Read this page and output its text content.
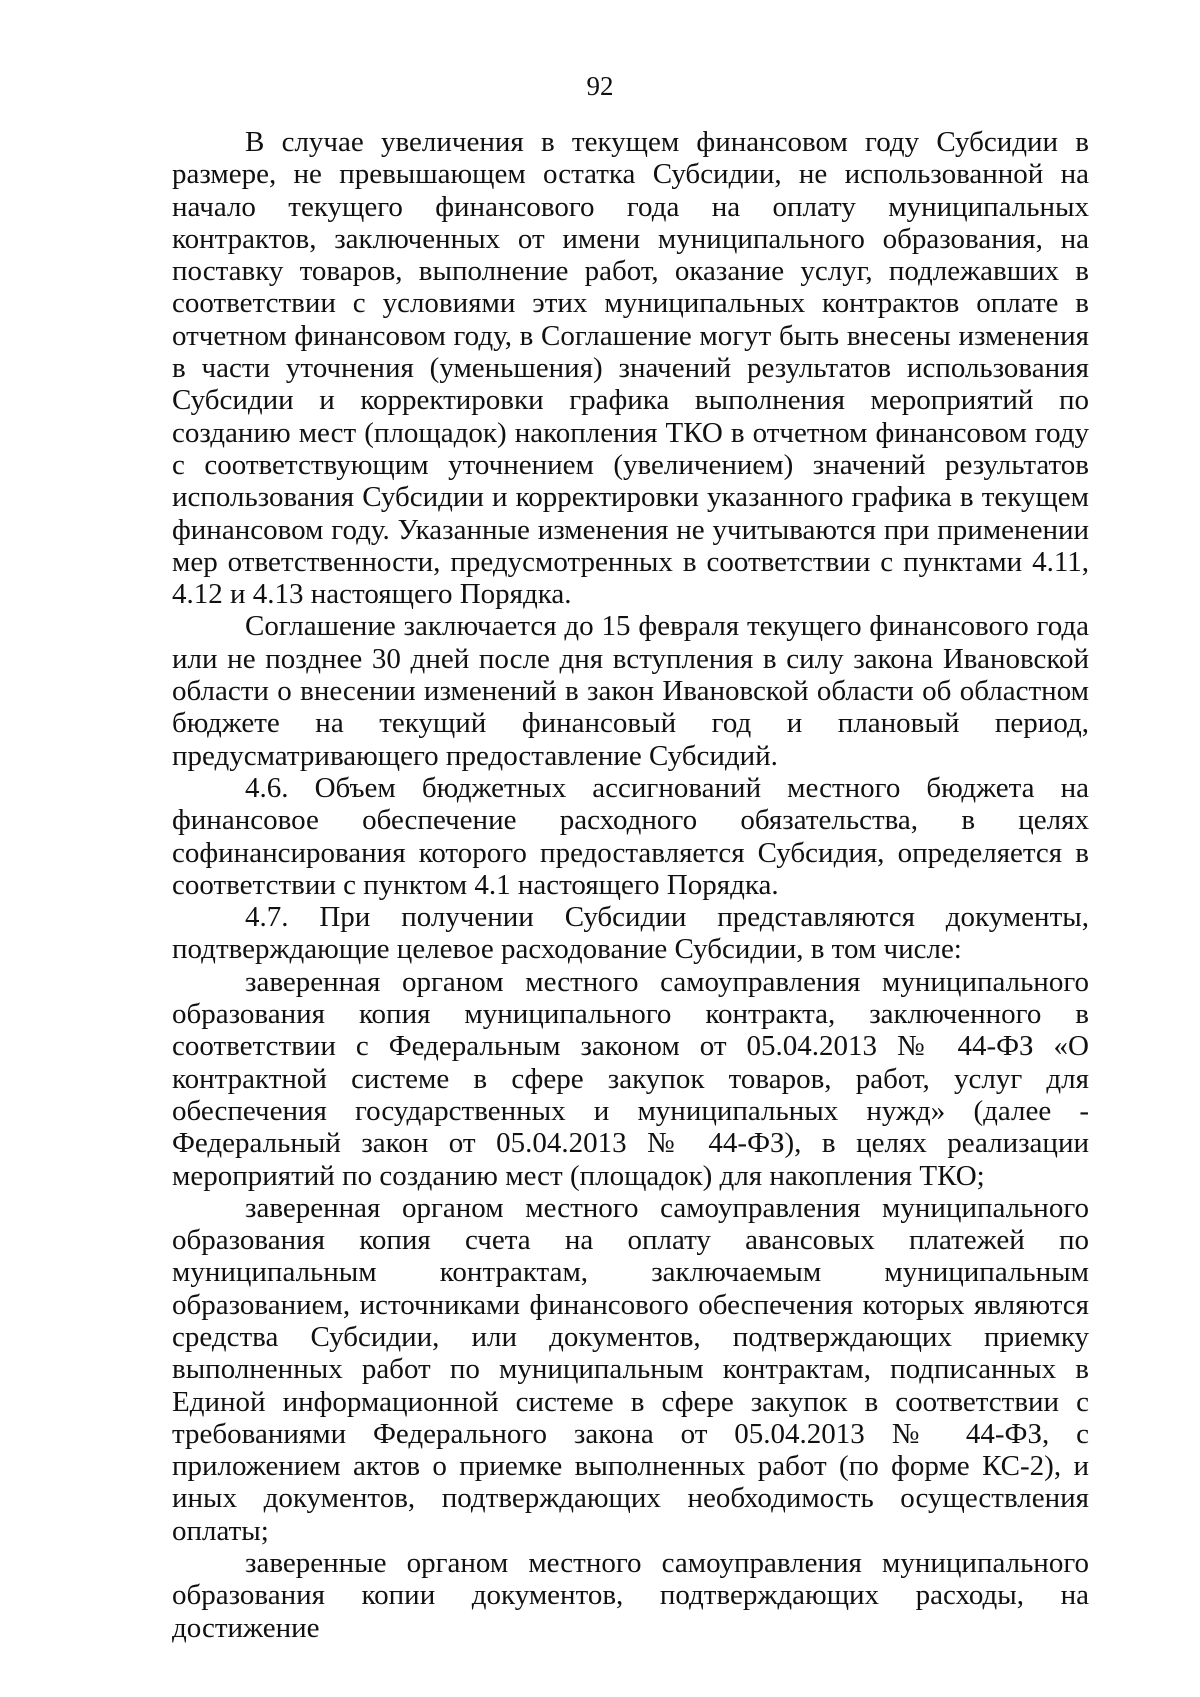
92

В случае увеличения в текущем финансовом году Субсидии в размере, не превышающем остатка Субсидии, не использованной на начало текущего финансового года на оплату муниципальных контрактов, заключенных от имени муниципального образования, на поставку товаров, выполнение работ, оказание услуг, подлежавших в соответствии с условиями этих муниципальных контрактов оплате в отчетном финансовом году, в Соглашение могут быть внесены изменения в части уточнения (уменьшения) значений результатов использования Субсидии и корректировки графика выполнения мероприятий по созданию мест (площадок) накопления ТКО в отчетном финансовом году с соответствующим уточнением (увеличением) значений результатов использования Субсидии и корректировки указанного графика в текущем финансовом году. Указанные изменения не учитываются при применении мер ответственности, предусмотренных в соответствии с пунктами 4.11, 4.12 и 4.13 настоящего Порядка.

Соглашение заключается до 15 февраля текущего финансового года или не позднее 30 дней после дня вступления в силу закона Ивановской области о внесении изменений в закон Ивановской области об областном бюджете на текущий финансовый год и плановый период, предусматривающего предоставление Субсидий.

4.6. Объем бюджетных ассигнований местного бюджета на финансовое обеспечение расходного обязательства, в целях софинансирования которого предоставляется Субсидия, определяется в соответствии с пунктом 4.1 настоящего Порядка.

4.7. При получении Субсидии представляются документы, подтверждающие целевое расходование Субсидии, в том числе:

заверенная органом местного самоуправления муниципального образования копия муниципального контракта, заключенного в соответствии с Федеральным законом от 05.04.2013 № 44-ФЗ «О контрактной системе в сфере закупок товаров, работ, услуг для обеспечения государственных и муниципальных нужд» (далее - Федеральный закон от 05.04.2013 № 44-ФЗ), в целях реализации мероприятий по созданию мест (площадок) для накопления ТКО;

заверенная органом местного самоуправления муниципального образования копия счета на оплату авансовых платежей по муниципальным контрактам, заключаемым муниципальным образованием, источниками финансового обеспечения которых являются средства Субсидии, или документов, подтверждающих приемку выполненных работ по муниципальным контрактам, подписанных в Единой информационной системе в сфере закупок в соответствии с требованиями Федерального закона от 05.04.2013 № 44-ФЗ, с приложением актов о приемке выполненных работ (по форме КС-2), и иных документов, подтверждающих необходимость осуществления оплаты;

заверенные органом местного самоуправления муниципального образования копии документов, подтверждающих расходы, на достижение
